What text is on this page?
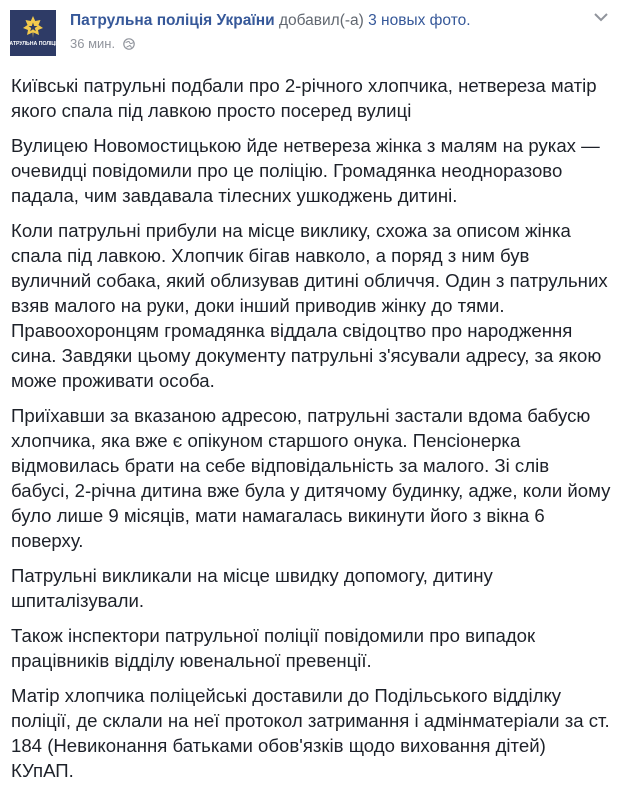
ПАТРУЛЬНА ПОЛІЦІЯ
Патрульна поліція України добавил(-а) 3 новых фото.
36 мин.

Київські патрульні подбали про 2-річного хлопчика, нетвереза матір якого спала під лавкою просто посеред вулиці

Вулицею Новомостицькою йде нетвереза жінка з малям на руках — очевидці повідомили про це поліцію. Громадянка неодноразово падала, чим завдавала тілесних ушкоджень дитині.

Коли патрульні прибули на місце виклику, схожа за описом жінка спала під лавкою. Хлопчик бігав навколо, а поряд з ним був вуличний собака, який облизував дитині обличчя. Один з патрульних взяв малого на руки, доки інший приводив жінку до тями. Правоохоронцям громадянка віддала свідоцтво про народження сина. Завдяки цьому документу патрульні з'ясували адресу, за якою може проживати особа.

Приїхавши за вказаною адресою, патрульні застали вдома бабусю хлопчика, яка вже є опікуном старшого онука. Пенсіонерка відмовилась брати на себе відповідальність за малого. Зі слів бабусі, 2-річна дитина вже була у дитячому будинку, адже, коли йому було лише 9 місяців, мати намагалась викинути його з вікна 6 поверху.

Патрульні викликали на місце швидку допомогу, дитину шпиталізували.

Також інспектори патрульної поліції повідомили про випадок працівників відділу ювенальної превенції.

Матір хлопчика поліцейські доставили до Подільського відділку поліції, де склали на неї протокол затримання і адмінматеріали за ст. 184 (Невиконання батьками обов'язків щодо виховання дітей) КУпАП.
